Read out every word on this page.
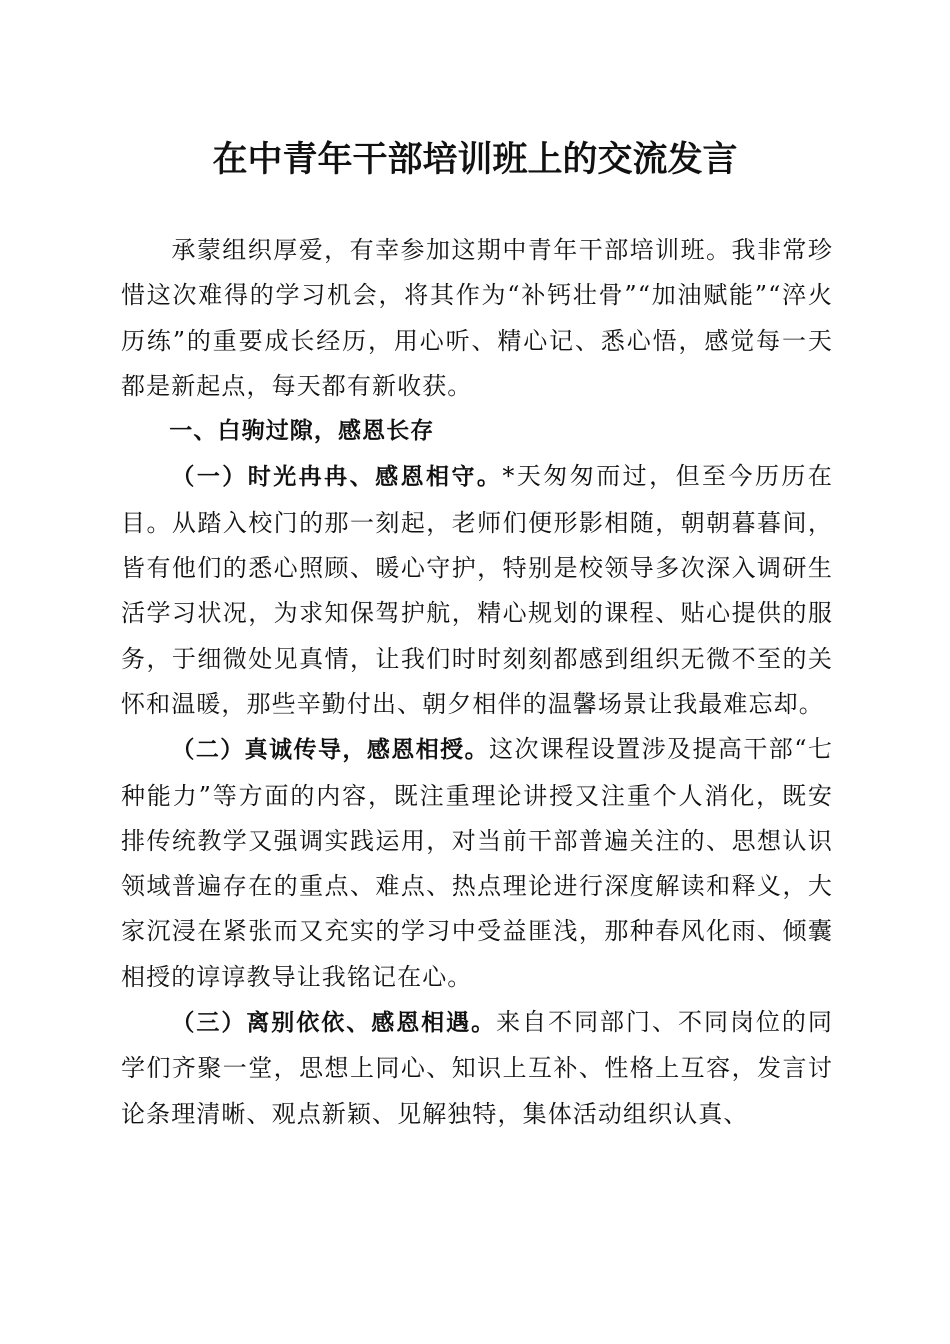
在中青年干部培训班上的交流发言

承蒙组织厚爱，有幸参加这期中青年干部培训班。我非常珍惜这次难得的学习机会，将其作为“补钙壮骨”“加油赋能”“淬火历练”的重要成长经历，用心听、精心记、悉心悟，感觉每一天都是新起点，每天都有新收获。

一、白驹过隙，感恩长存

（一）时光冉冉、感恩相守。*天匆匆而过，但至今历历在目。从踏入校门的那一刻起，老师们便形影相随，朝朝暮暮间，皆有他们的悉心照顾、暖心守护，特别是校领导多次深入调研生活学习状况，为求知保驾护航，精心规划的课程、贴心提供的服务，于细微处见真情，让我们时时刻刻都感到组织无微不至的关怀和温暖，那些辛勤付出、朝夕相伴的温馨场景让我最难忘却。

（二）真诚传导，感恩相授。这次课程设置涉及提高干部“七种能力”等方面的内容，既注重理论讲授又注重个人消化，既安排传统教学又强调实践运用，对当前干部普遍关注的、思想认识领域普遍存在的重点、难点、热点理论进行深度解读和释义，大家沉浸在紧张而又充实的学习中受益匪浅，那种春风化雨、倾囊相授的谆谆教导让我铭记在心。

（三）离别依依、感恩相遇。来自不同部门、不同岗位的同学们齐聚一堂，思想上同心、知识上互补、性格上互容，发言讨论条理清晰、观点新颖、见解独特，集体活动组织认真、
